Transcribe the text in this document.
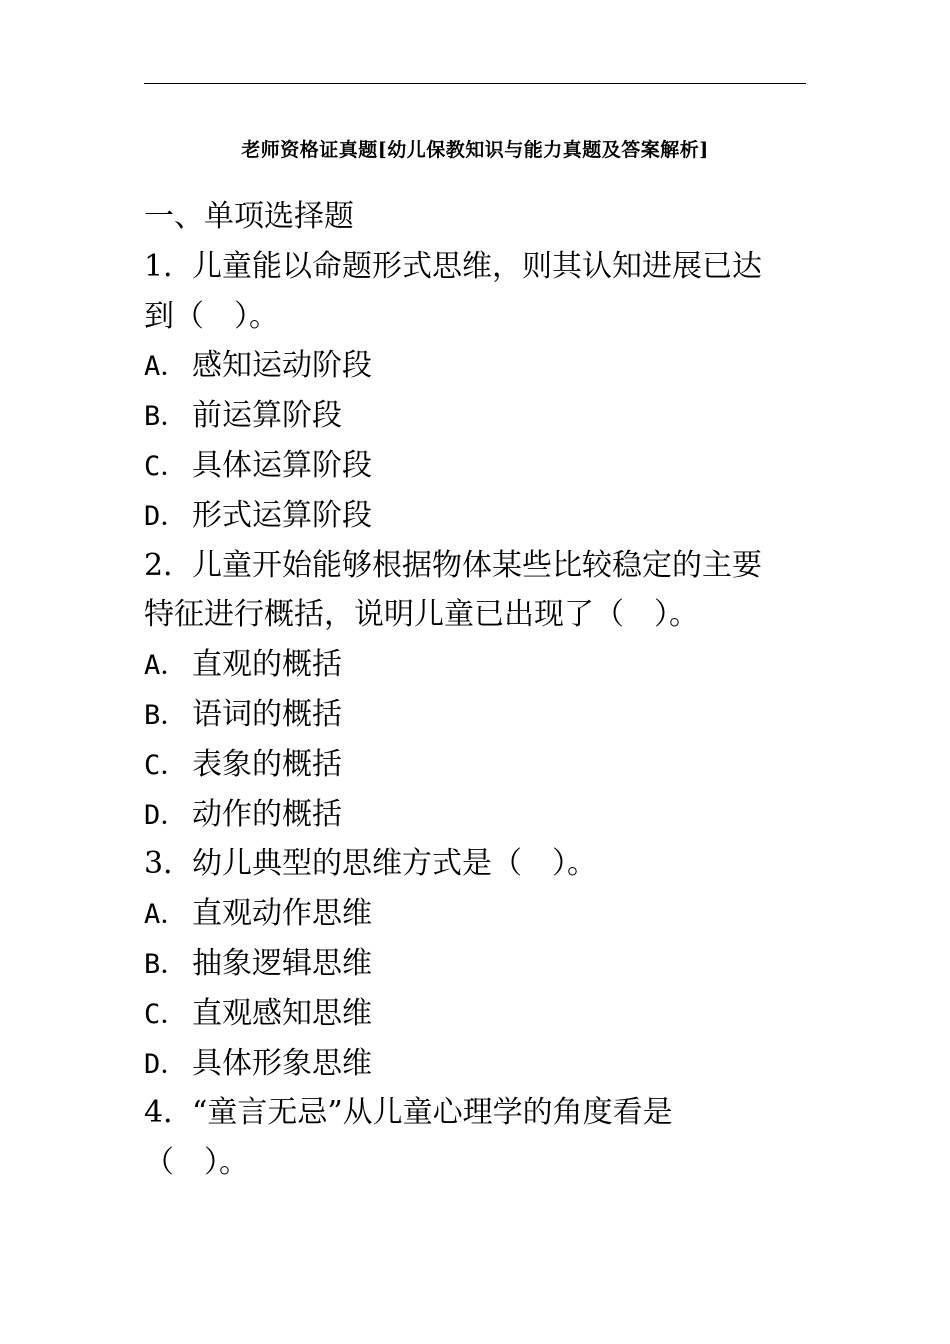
老师资格证真题[幼儿保教知识与能力真题及答案解析]
一、单项选择题
1．儿童能以命题形式思维，则其认知进展已达
到（　）。
A． 感知运动阶段
B． 前运算阶段
C． 具体运算阶段
D． 形式运算阶段
2．儿童开始能够根据物体某些比较稳定的主要
特征进行概括，说明儿童已出现了（　）。
A． 直观的概括
B． 语词的概括
C． 表象的概括
D． 动作的概括
3．幼儿典型的思维方式是（　）。
A． 直观动作思维
B． 抽象逻辑思维
C． 直观感知思维
D． 具体形象思维
4．“童言无忌”从儿童心理学的角度看是
（　）。
